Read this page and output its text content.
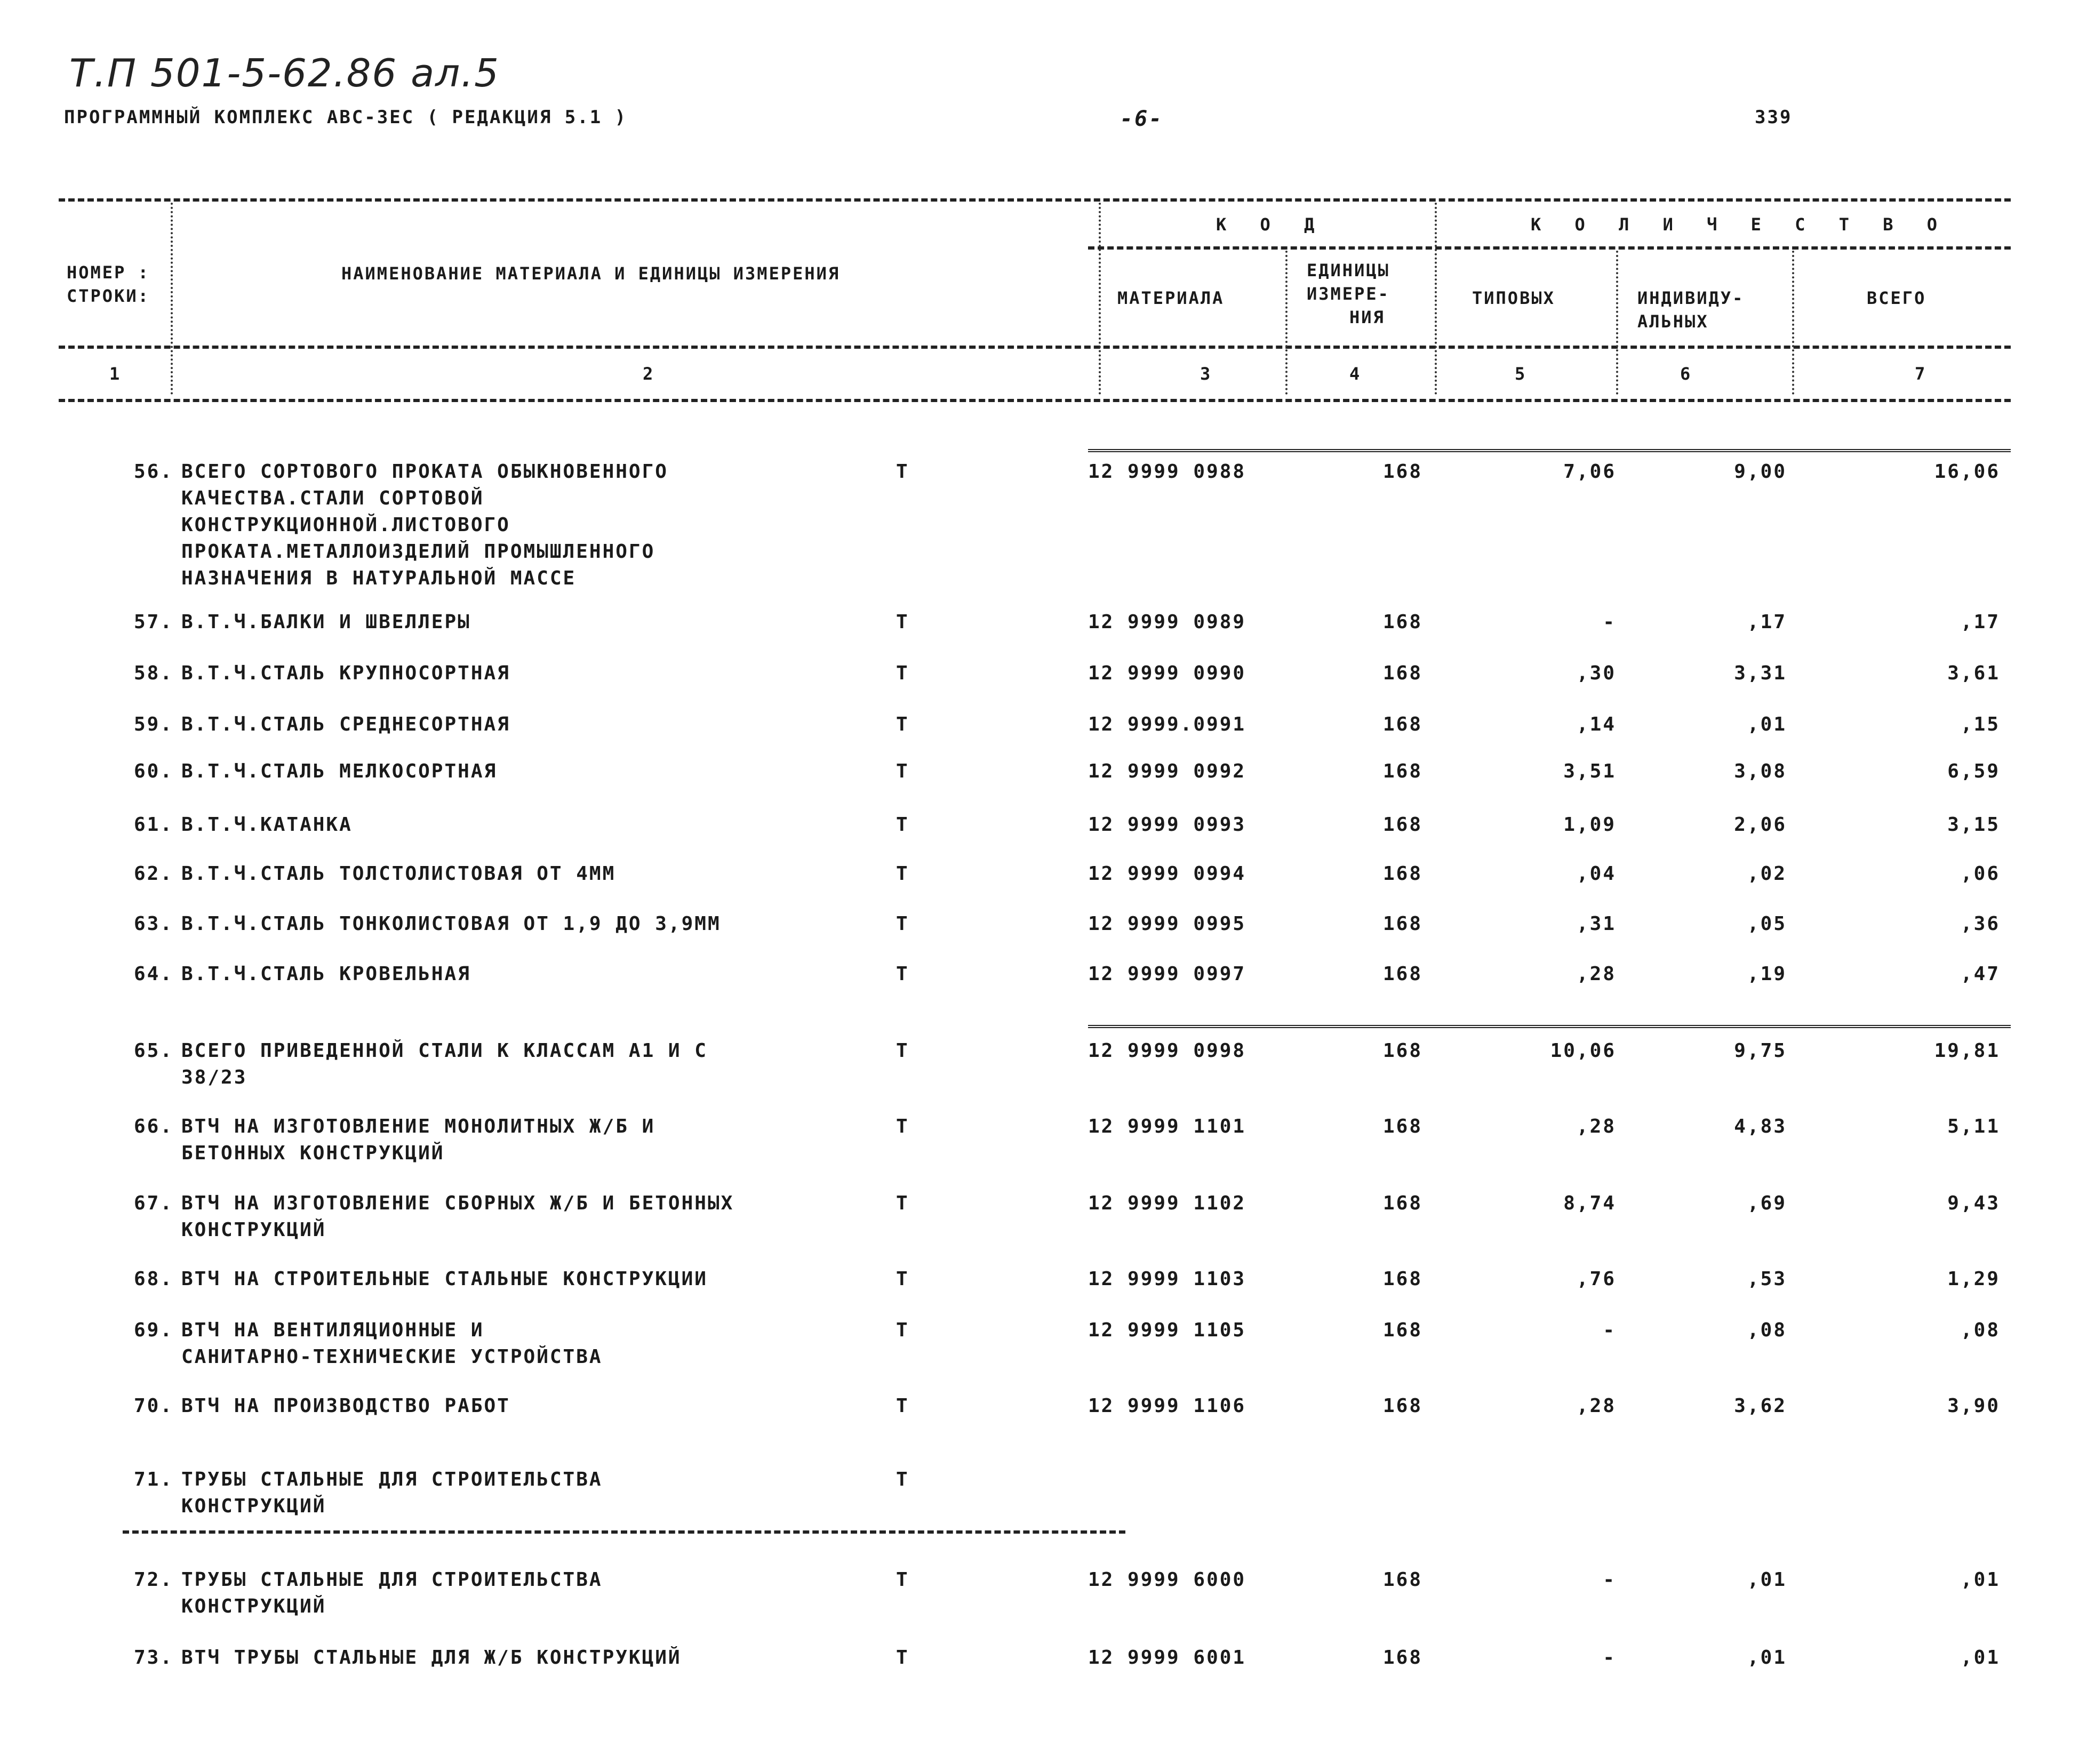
Т.П 501-5-62.86 ал.5
ПРОГРАММНЫЙ КОМПЛЕКС АВС-ЗЕС ( РЕДАКЦИЯ 5.1 )	-6-	339
К О Д	К О Л И Ч Е С Т В О
НОМЕР :
СТРОКИ:
НАИМЕНОВАНИЕ МАТЕРИАЛА И ЕДИНИЦЫ ИЗМЕРЕНИЯ
МАТЕРИАЛА
ЕДИНИЦЫ
ИЗМЕРЕ-
НИЯ
ТИПОВЫХ	ИНДИВИДУ-
АЛЬНЫХ
ВСЕГО
1	2	3	4	5	6	7
56. ВСЕГО СОРТОВОГО ПРОКАТА ОБЫКНОВЕННОГО
КАЧЕСТВА.СТАЛИ СОРТОВОЙ
КОНСТРУКЦИОННОЙ.ЛИСТОВОГО
ПРОКАТА.МЕТАЛЛОИЗДЕЛИЙ ПРОМЫШЛЕННОГО
НАЗНАЧЕНИЯ В НАТУРАЛЬНОЙ МАССЕ
Т	12 9999 0988	168	7,06	9,00	16,06
57. В.Т.Ч.БАЛКИ И ШВЕЛЛЕРЫ	Т	12 9999 0989	168	-	,17	,17
58. В.Т.Ч.СТАЛЬ КРУПНОСОРТНАЯ	Т	12 9999 0990	168	,30	3,31	3,61
59. В.Т.Ч.СТАЛЬ СРЕДНЕСОРТНАЯ	Т	12 9999.0991	168	,14	,01	,15
60. В.Т.Ч.СТАЛЬ МЕЛКОСОРТНАЯ	Т	12 9999 0992	168	3,51	3,08	6,59
61. В.Т.Ч.КАТАНКА	Т	12 9999 0993	168	1,09	2,06	3,15
62. В.Т.Ч.СТАЛЬ ТОЛСТОЛИСТОВАЯ ОТ 4ММ	Т	12 9999 0994	168	,04	,02	,06
63. В.Т.Ч.СТАЛЬ ТОНКОЛИСТОВАЯ ОТ 1,9 ДО 3,9ММ	Т	12 9999 0995	168	,31	,05	,36
64. В.Т.Ч.СТАЛЬ КРОВЕЛЬНАЯ	Т	12 9999 0997	168	,28	,19	,47
65. ВСЕГО ПРИВЕДЕННОЙ СТАЛИ К КЛАССАМ А1 И С
38/23
Т	12 9999 0998	168	10,06	9,75	19,81
66. ВТЧ НА ИЗГОТОВЛЕНИЕ МОНОЛИТНЫХ Ж/Б И
БЕТОННЫХ КОНСТРУКЦИЙ
Т	12 9999 1101	168	,28	4,83	5,11
67. ВТЧ НА ИЗГОТОВЛЕНИЕ СБОРНЫХ Ж/Б И БЕТОННЫХ
КОНСТРУКЦИЙ
Т	12 9999 1102	168	8,74	,69	9,43
68. ВТЧ НА СТРОИТЕЛЬНЫЕ СТАЛЬНЫЕ КОНСТРУКЦИИ	Т	12 9999 1103	168	,76	,53	1,29
69. ВТЧ НА ВЕНТИЛЯЦИОННЫЕ И
САНИТАРНО-ТЕХНИЧЕСКИЕ УСТРОЙСТВА
Т	12 9999 1105	168	-	,08	,08
70. ВТЧ НА ПРОИЗВОДСТВО РАБОТ	Т	12 9999 1106	168	,28	3,62	3,90
71. ТРУБЫ СТАЛЬНЫЕ ДЛЯ СТРОИТЕЛЬСТВА
КОНСТРУКЦИЙ
Т
72. ТРУБЫ СТАЛЬНЫЕ ДЛЯ СТРОИТЕЛЬСТВА
КОНСТРУКЦИЙ
Т	12 9999 6000	168	-	,01	,01
73. ВТЧ ТРУБЫ СТАЛЬНЫЕ ДЛЯ Ж/Б КОНСТРУКЦИЙ	Т	12 9999 6001	168	-	,01	,01
